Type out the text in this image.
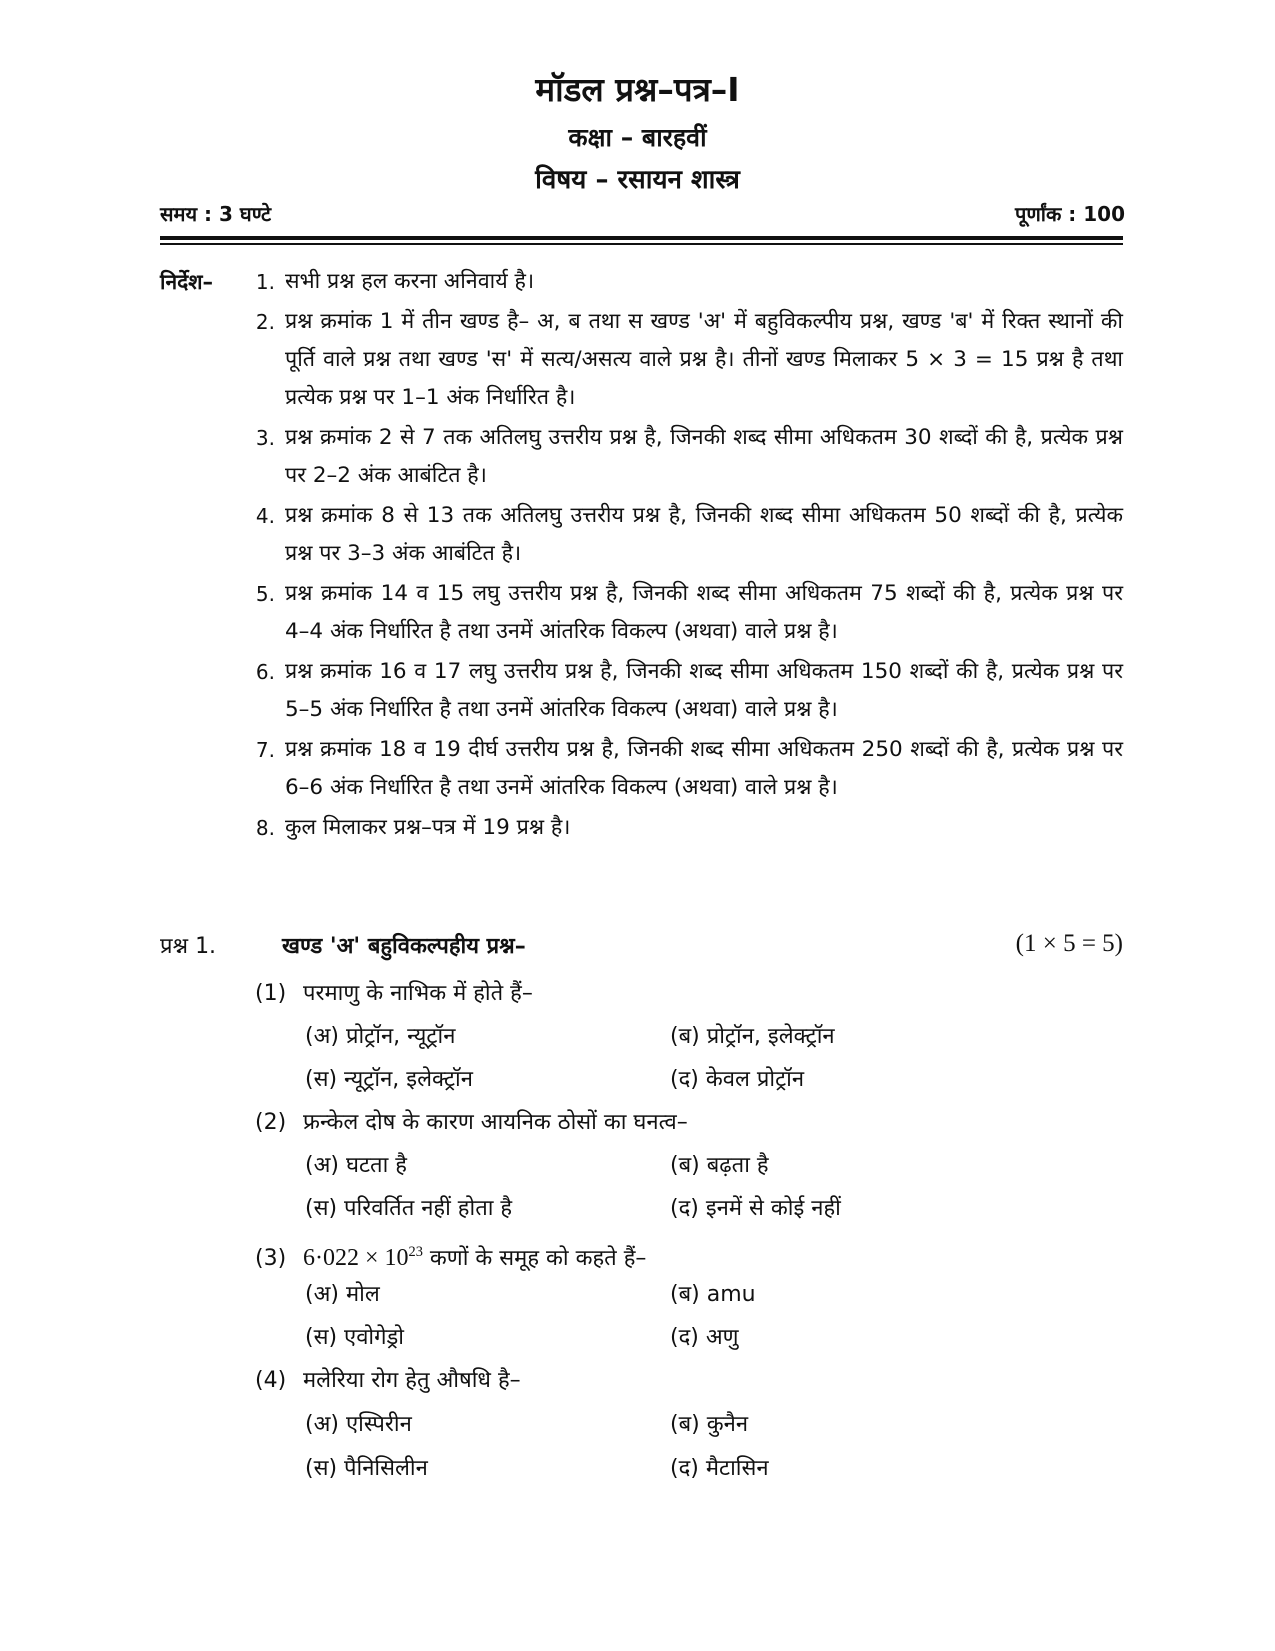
मॉडल प्रश्न–पत्र–I
कक्षा – बारहवीं
विषय – रसायन शास्त्र
समय : 3 घण्टे	पूर्णांक : 100
निर्देश–	1. सभी प्रश्न हल करना अनिवार्य है।
2. प्रश्न क्रमांक 1 में तीन खण्ड है– अ, ब तथा स खण्ड 'अ' में बहुविकल्पीय प्रश्न, खण्ड 'ब' में रिक्त स्थानों की पूर्ति वाले प्रश्न तथा खण्ड 'स' में सत्य/असत्य वाले प्रश्न है। तीनों खण्ड मिलाकर 5 × 3 = 15 प्रश्न है तथा प्रत्येक प्रश्न पर 1–1 अंक निर्धारित है।
3. प्रश्न क्रमांक 2 से 7 तक अतिलघु उत्तरीय प्रश्न है, जिनकी शब्द सीमा अधिकतम 30 शब्दों की है, प्रत्येक प्रश्न पर 2–2 अंक आबंटित है।
4. प्रश्न क्रमांक 8 से 13 तक अतिलघु उत्तरीय प्रश्न है, जिनकी शब्द सीमा अधिकतम 50 शब्दों की है, प्रत्येक प्रश्न पर 3–3 अंक आबंटित है।
5. प्रश्न क्रमांक 14 व 15 लघु उत्तरीय प्रश्न है, जिनकी शब्द सीमा अधिकतम 75 शब्दों की है, प्रत्येक प्रश्न पर 4–4 अंक निर्धारित है तथा उनमें आंतरिक विकल्प (अथवा) वाले प्रश्न है।
6. प्रश्न क्रमांक 16 व 17 लघु उत्तरीय प्रश्न है, जिनकी शब्द सीमा अधिकतम 150 शब्दों की है, प्रत्येक प्रश्न पर 5–5 अंक निर्धारित है तथा उनमें आंतरिक विकल्प (अथवा) वाले प्रश्न है।
7. प्रश्न क्रमांक 18 व 19 दीर्घ उत्तरीय प्रश्न है, जिनकी शब्द सीमा अधिकतम 250 शब्दों की है, प्रत्येक प्रश्न पर 6–6 अंक निर्धारित है तथा उनमें आंतरिक विकल्प (अथवा) वाले प्रश्न है।
8. कुल मिलाकर प्रश्न–पत्र में 19 प्रश्न है।
प्रश्न 1.	खण्ड 'अ' बहुविकल्पहीय प्रश्न–	(1 × 5 = 5)
(1) परमाणु के नाभिक में होते हैं–
(अ) प्रोट्रॉन, न्यूट्रॉन	(ब) प्रोट्रॉन, इलेक्ट्रॉन
(स) न्यूट्रॉन, इलेक्ट्रॉन	(द) केवल प्रोट्रॉन
(2) फ्रन्केल दोष के कारण आयनिक ठोसों का घनत्व–
(अ) घटता है	(ब) बढ़ता है
(स) परिवर्तित नहीं होता है	(द) इनमें से कोई नहीं
(3) $6\cdot 022 \times 10^{23}$ कणों के समूह को कहते हैं–
(अ) मोल	(ब) amu
(स) एवोगेड्रो	(द) अणु
(4) मलेरिया रोग हेतु औषधि है–
(अ) एस्पिरीन	(ब) कुनैन
(स) पैनिसिलीन	(द) मैटासिन
